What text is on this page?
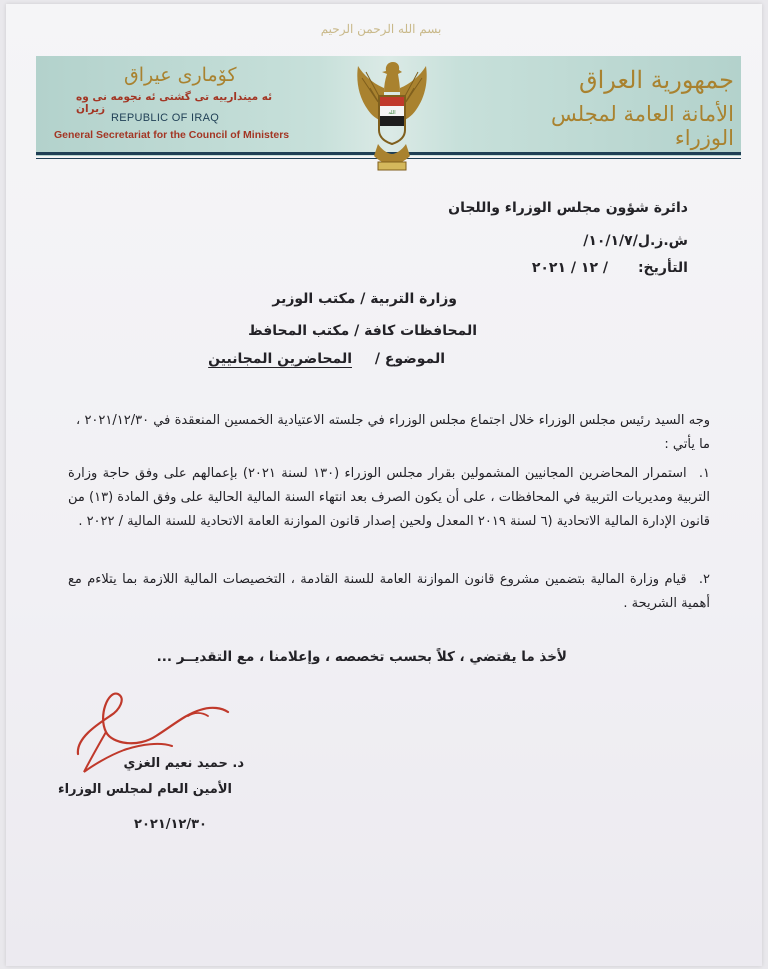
بسم الله الرحمن الرحيم
كۆماری عیراق
ئه‌ میندارییه‌ تی گشتی ئه‌ نجومه‌ نی وه‌ زیران
REPUBLIC OF IRAQ
General Secretariat for the Council of Ministers
جمهورية العراق
الأمانة العامة لمجلس الوزراء
الله
دائرة شؤون مجلس الوزراء واللجان
ش.ز.ل/١٠/١/٧/
التأريخ:
/ ١٢ / ٢٠٢١
وزارة التربية / مكتب الوزير
المحافظات كافة / مكتب المحافظ
الموضوع /
المحاضرين المجانيين
وجه السيد رئيس مجلس الوزراء خلال اجتماع مجلس الوزراء في جلسته الاعتيادية الخمسين المنعقدة في ٢٠٢١/١٢/٣٠ ، ما يأتي :
١. استمرار المحاضرين المجانيين المشمولين بقرار مجلس الوزراء (١٣٠ لسنة ٢٠٢١) بإعمالهم على وفق حاجة وزارة التربية ومديريات التربية في المحافظات ، على أن يكون الصرف بعد انتهاء السنة المالية الحالية على وفق المادة (١٣) من قانون الإدارة المالية الاتحادية (٦ لسنة ٢٠١٩ المعدل ولحين إصدار قانون الموازنة العامة الاتحادية للسنة المالية / ٢٠٢٢ .
٢. قيام وزارة المالية بتضمين مشروع قانون الموازنة العامة للسنة القادمة ، التخصيصات المالية اللازمة بما يتلاءم مع أهمية الشريحة .
لأخذ ما يقتضي ، كلاً بحسب تخصصه ، وإعلامنا ، مع التقديــر ...
د. حميد نعيم الغزي
الأمين العام لمجلس الوزراء
٢٠٢١/١٢/٣٠
